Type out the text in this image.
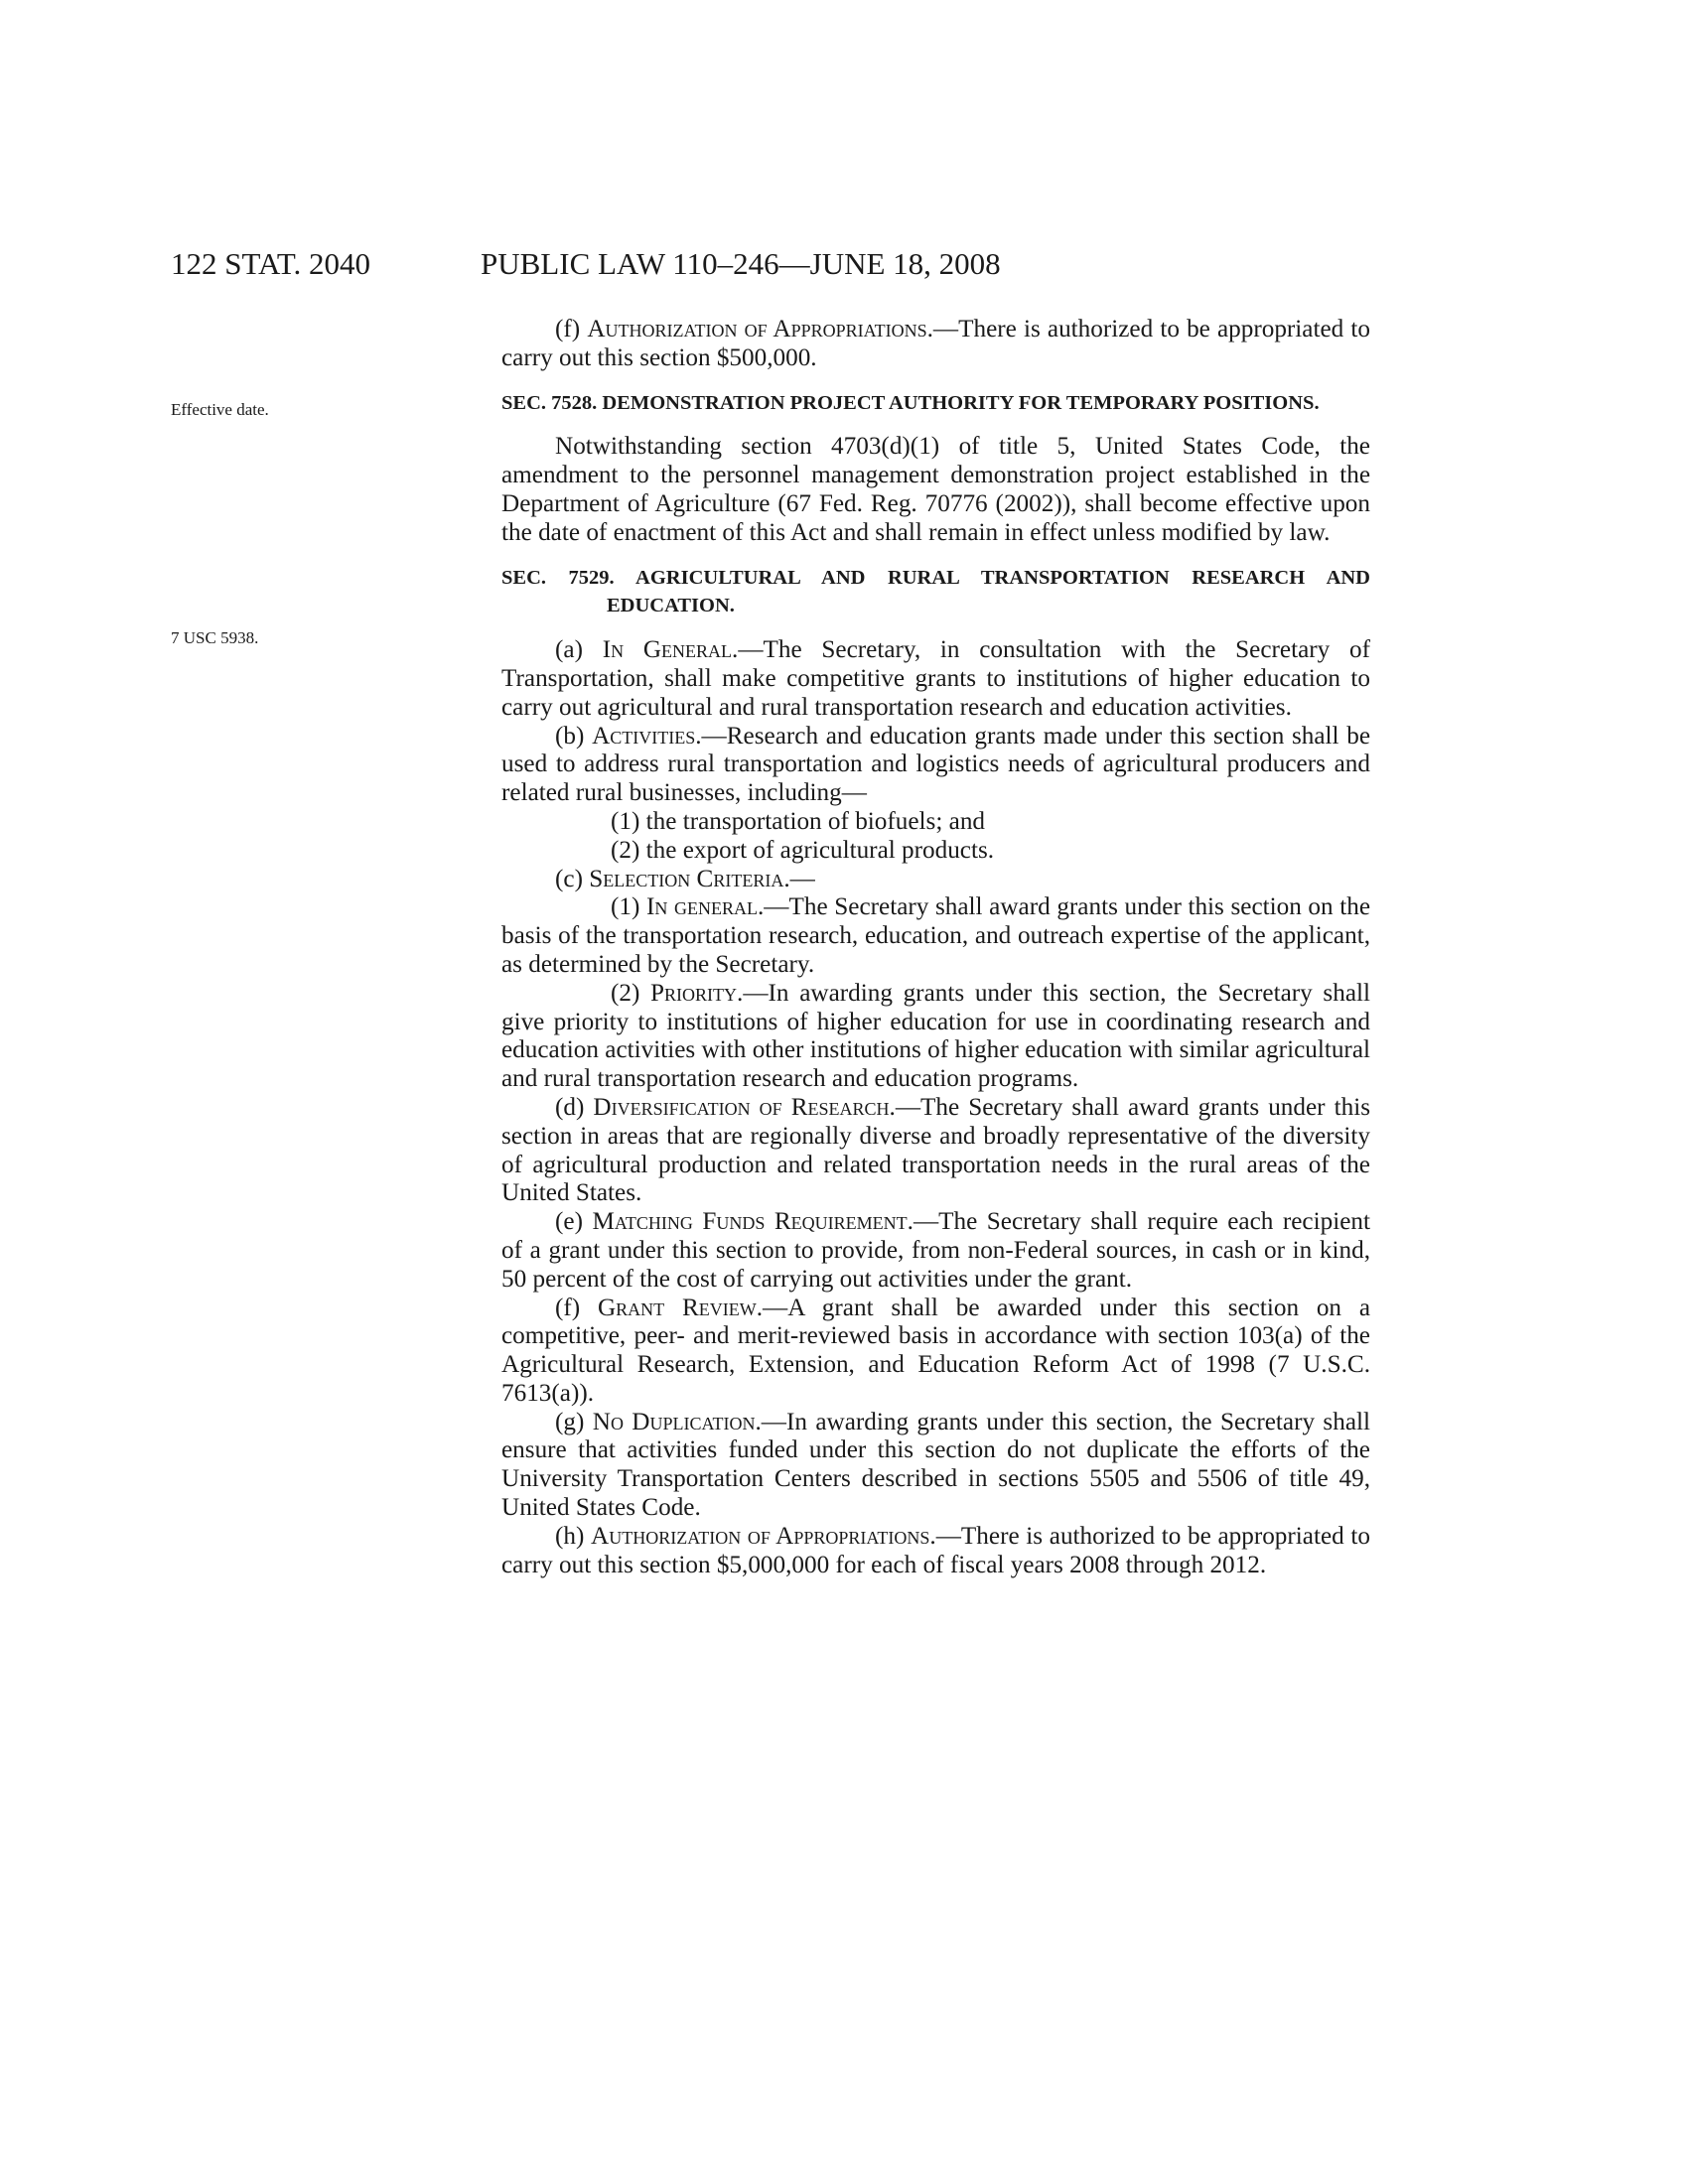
122 STAT. 2040	PUBLIC LAW 110–246—JUNE 18, 2008
Effective date.
7 USC 5938.

(f) Authorization of Appropriations.—There is authorized to be appropriated to carry out this section $500,000.

SEC. 7528. DEMONSTRATION PROJECT AUTHORITY FOR TEMPORARY POSITIONS.

Notwithstanding section 4703(d)(1) of title 5, United States Code, the amendment to the personnel management demonstration project established in the Department of Agriculture (67 Fed. Reg. 70776 (2002)), shall become effective upon the date of enactment of this Act and shall remain in effect unless modified by law.

SEC. 7529. AGRICULTURAL AND RURAL TRANSPORTATION RESEARCH AND EDUCATION.

(a) In General.—The Secretary, in consultation with the Secretary of Transportation, shall make competitive grants to institutions of higher education to carry out agricultural and rural transportation research and education activities.

(b) Activities.—Research and education grants made under this section shall be used to address rural transportation and logistics needs of agricultural producers and related rural businesses, including—

(1) the transportation of biofuels; and

(2) the export of agricultural products.

(c) Selection Criteria.—

(1) In general.—The Secretary shall award grants under this section on the basis of the transportation research, education, and outreach expertise of the applicant, as determined by the Secretary.

(2) Priority.—In awarding grants under this section, the Secretary shall give priority to institutions of higher education for use in coordinating research and education activities with other institutions of higher education with similar agricultural and rural transportation research and education programs.

(d) Diversification of Research.—The Secretary shall award grants under this section in areas that are regionally diverse and broadly representative of the diversity of agricultural production and related transportation needs in the rural areas of the United States.

(e) Matching Funds Requirement.—The Secretary shall require each recipient of a grant under this section to provide, from non-Federal sources, in cash or in kind, 50 percent of the cost of carrying out activities under the grant.

(f) Grant Review.—A grant shall be awarded under this section on a competitive, peer- and merit-reviewed basis in accordance with section 103(a) of the Agricultural Research, Extension, and Education Reform Act of 1998 (7 U.S.C. 7613(a)).

(g) No Duplication.—In awarding grants under this section, the Secretary shall ensure that activities funded under this section do not duplicate the efforts of the University Transportation Centers described in sections 5505 and 5506 of title 49, United States Code.

(h) Authorization of Appropriations.—There is authorized to be appropriated to carry out this section $5,000,000 for each of fiscal years 2008 through 2012.
